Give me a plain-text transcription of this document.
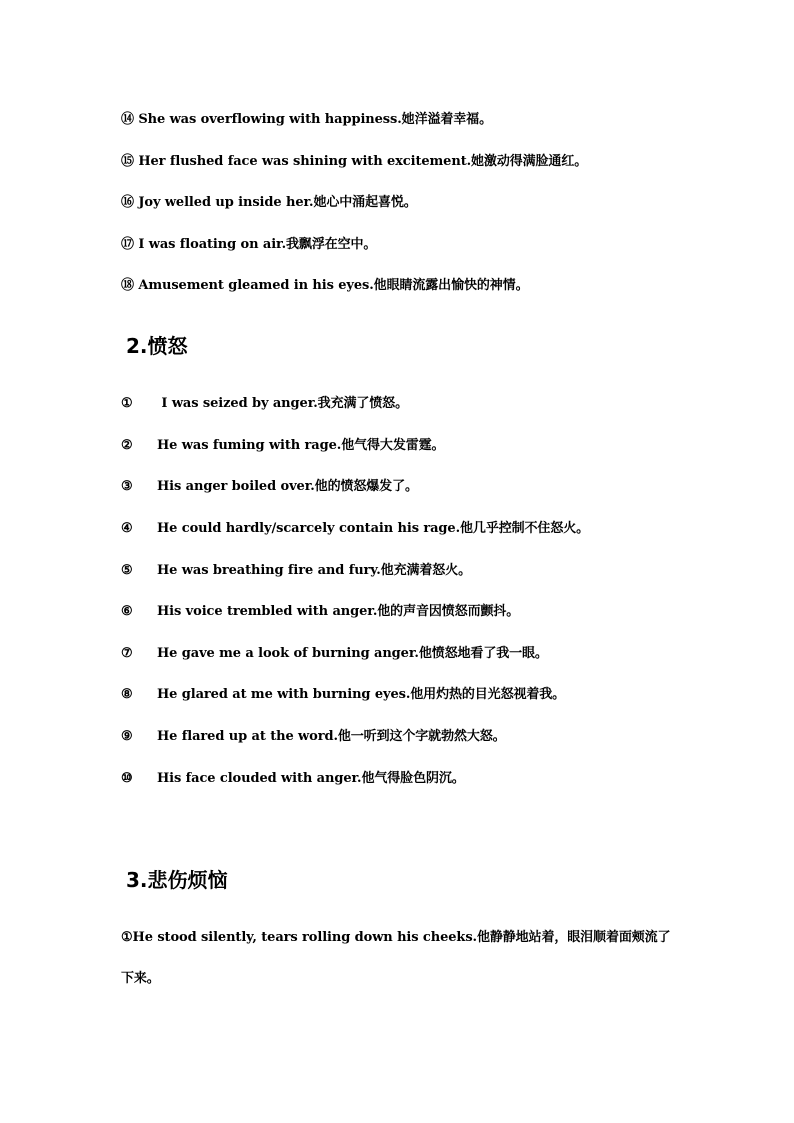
⑭ She was overflowing with happiness.她洋溢着幸福。
⑮ Her flushed face was shining with excitement.她激动得满脸通红。
⑯ Joy welled up inside her.她心中涌起喜悦。
⑰ I was floating on air.我飘浮在空中。
⑱ Amusement gleamed in his eyes.他眼睛流露出愉快的神情。
2.愤怒
① I was seized by anger.我充满了愤怒。
② He was fuming with rage.他气得大发雷霆。
③ His anger boiled over.他的愤怒爆发了。
④ He could hardly/scarcely contain his rage.他几乎控制不住怒火。
⑤ He was breathing fire and fury.他充满着怒火。
⑥ His voice trembled with anger.他的声音因愤怒而颤抖。
⑦ He gave me a look of burning anger.他愤怒地看了我一眼。
⑧ He glared at me with burning eyes.他用灼热的目光怒视着我。
⑨ He flared up at the word.他一听到这个字就勃然大怒。
⑩ His face clouded with anger.他气得脸色阴沉。
3.悲伤烦恼
①He stood silently, tears rolling down his cheeks.他静静地站着，眼泪顺着面颊流了
下来。
